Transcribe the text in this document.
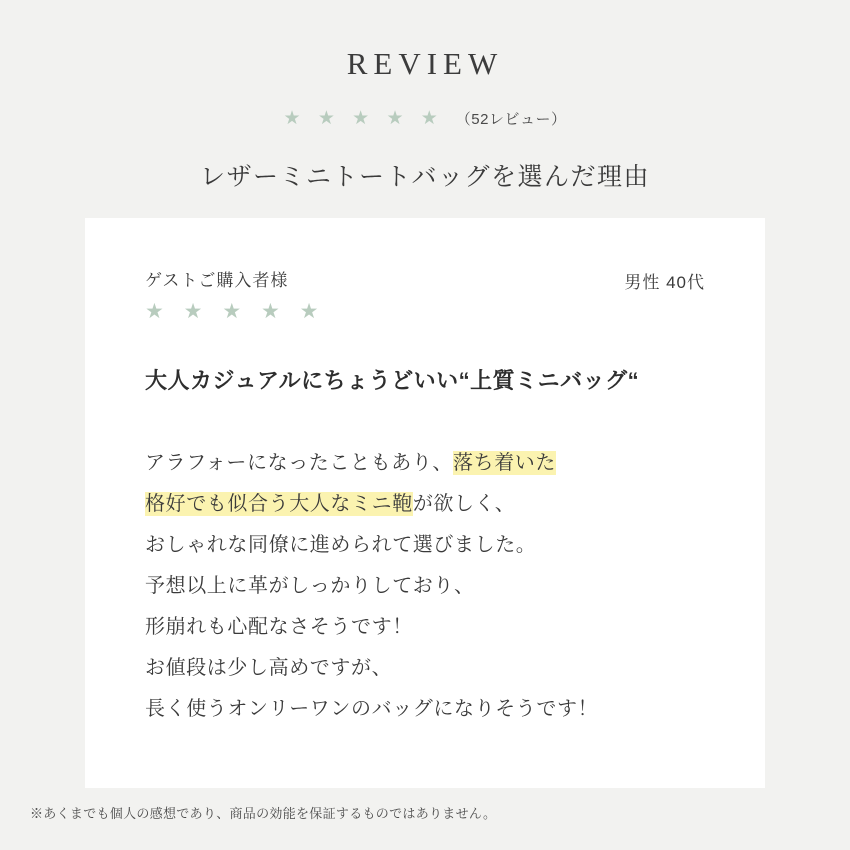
REVIEW
★ ★ ★ ★ ★ （52レビュー）
レザーミニトートバッグを選んだ理由
ゲストご購入者様
★ ★ ★ ★ ★
男性 40代
大人カジュアルにちょうどいい“上質ミニバッグ“
アラフォーになったこともあり、落ち着いた
格好でも似合う大人なミニ鞄が欲しく、
おしゃれな同僚に進められて選びました。
予想以上に革がしっかりしており、
形崩れも心配なさそうです！
お値段は少し高めですが、
長く使うオンリーワンのバッグになりそうです！
※あくまでも個人の感想であり、商品の効能を保証するものではありません。
